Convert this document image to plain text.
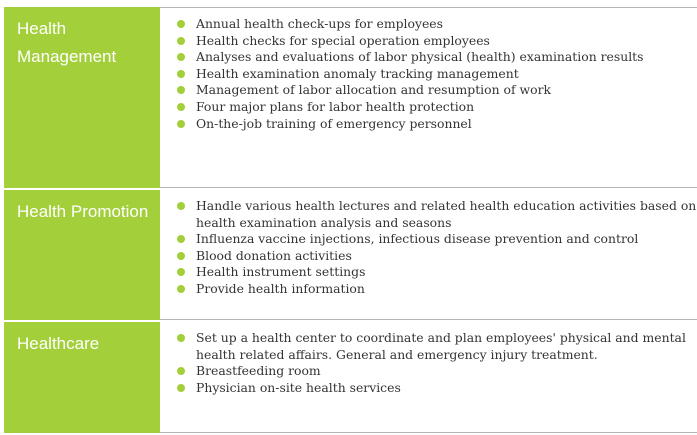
Health Management
Annual health check-ups for employees
Health checks for special operation employees
Analyses and evaluations of labor physical (health) examination results
Health examination anomaly tracking management
Management of labor allocation and resumption of work
Four major plans for labor health protection
On-the-job training of emergency personnel
Health Promotion	Handle various health lectures and related health education activities based on health examination analysis and seasons
Influenza vaccine injections, infectious disease prevention and control
Blood donation activities
Health instrument settings
Provide health information
Healthcare	Set up a health center to coordinate and plan employees' physical and mental health related affairs. General and emergency injury treatment.
Breastfeeding room
Physician on-site health services
